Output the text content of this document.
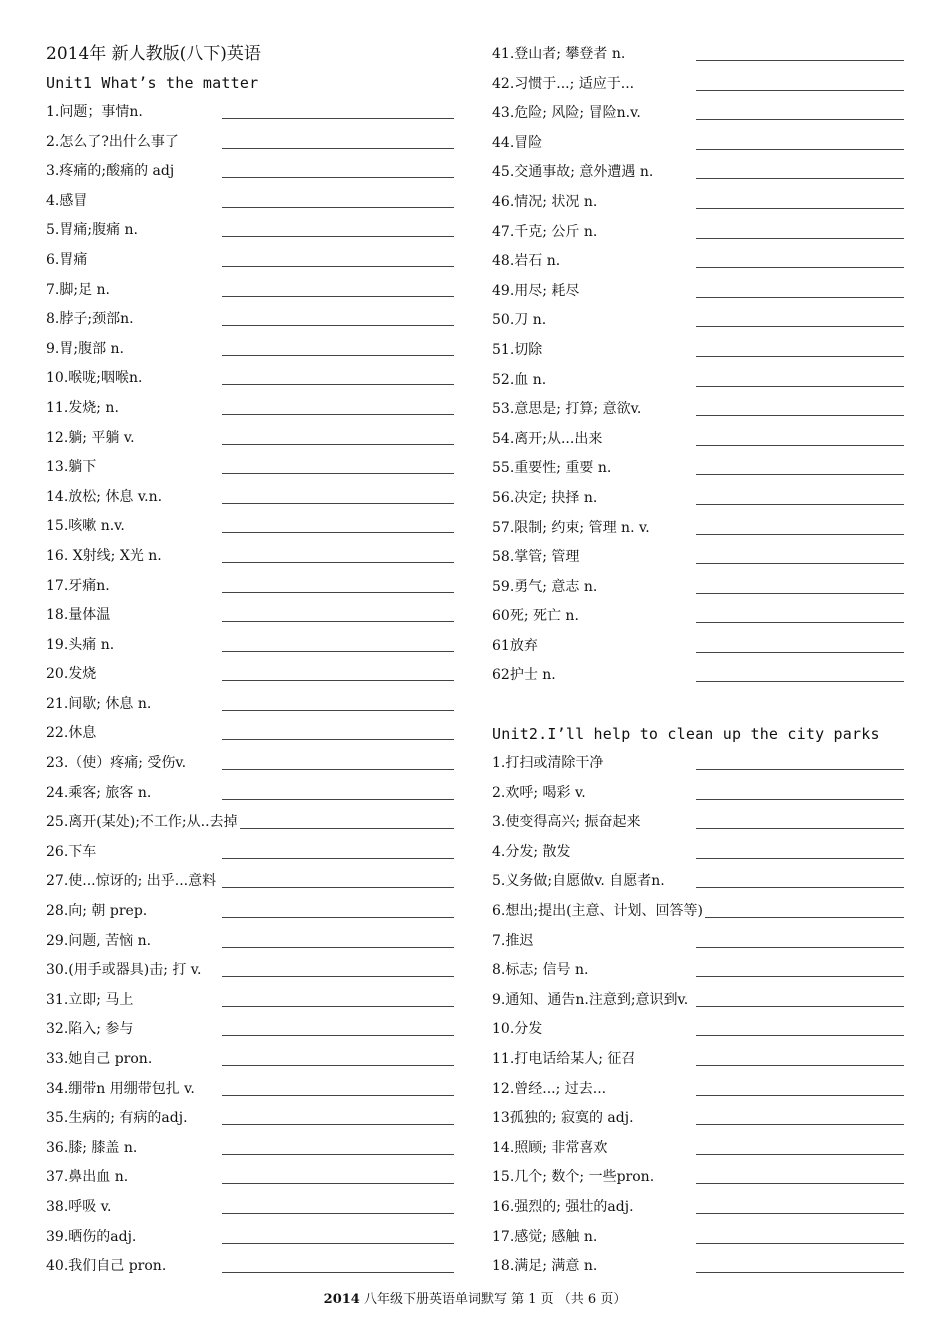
2014年 新人教版(八下)英语
Unit1 What’s the matter
1.问题；事情n.
2.怎么了?出什么事了
3.疼痛的;酸痛的 adj
4.感冒
5.胃痛;腹痛 n.
6.胃痛
7.脚;足 n.
8.脖子;颈部n.
9.胃;腹部 n.
10.喉咙;咽喉n.
11.发烧; n.
12.躺; 平躺 v.
13.躺下
14.放松; 休息 v.n.
15.咳嗽 n.v.
16. X射线; X光 n.
17.牙痛n.
18.量体温
19.头痛 n.
20.发烧
21.间歇; 休息 n.
22.休息
23.（使）疼痛; 受伤v.
24.乘客; 旅客 n.
25.离开(某处);不工作;从..去掉
26.下车
27.使...惊讶的; 出乎...意料
28.向; 朝 prep.
29.问题, 苦恼 n.
30.(用手或器具)击; 打 v.
31.立即; 马上
32.陷入; 参与
33.她自己 pron.
34.绷带n 用绷带包扎 v.
35.生病的; 有病的adj.
36.膝; 膝盖 n.
37.鼻出血 n.
38.呼吸 v.
39.晒伤的adj.
40.我们自己 pron.
41.登山者; 攀登者 n.
42.习惯于...; 适应于...
43.危险; 风险; 冒险n.v.
44.冒险
45.交通事故; 意外遭遇 n.
46.情况; 状况 n.
47.千克; 公斤 n.
48.岩石 n.
49.用尽; 耗尽
50.刀 n.
51.切除
52.血 n.
53.意思是; 打算; 意欲v.
54.离开;从...出来
55.重要性; 重要 n.
56.决定; 抉择 n.
57.限制; 约束; 管理 n. v.
58.掌管; 管理
59.勇气; 意志 n.
60死; 死亡 n.
61放弃
62护士 n.
Unit2.I’ll help to clean up the city parks
1.打扫或清除干净
2.欢呼; 喝彩 v.
3.使变得高兴; 振奋起来
4.分发; 散发
5.义务做;自愿做v. 自愿者n.
6.想出;提出(主意、计划、回答等)
7.推迟
8.标志; 信号 n.
9.通知、通告n.注意到;意识到v.
10.分发
11.打电话给某人; 征召
12.曾经...; 过去...
13孤独的; 寂寞的 adj.
14.照顾; 非常喜欢
15.几个; 数个; 一些pron.
16.强烈的; 强壮的adj.
17.感觉; 感触 n.
18.满足; 满意 n.
2014 八年级下册英语单词默写 第 1 页 （共 6 页）
